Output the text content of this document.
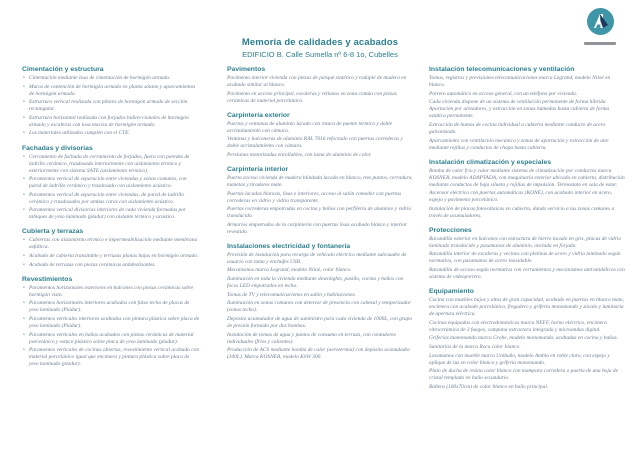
Memoria de calidades y acabados
EDIFICIO B. Calle Sumella nº 6-8 1o, Cubelles
Cimentación y estructura
• Cimentación mediante losa de cimentación de hormigón armado.
• Muros de contención de hormigón armado en planta sótano y aparcamientos de hormigón armado.
• Estructura vertical realizada con pilares de hormigón armado de sección rectangular.
• Estructura horizontal realizada con forjados bidireccionales de hormigón armado y escaleras con losa maciza de hormigón armado.
• Los materiales utilizados cumplen con el CTE.
Fachadas y divisorias
• Cerramiento de fachada de cerramiento de forjados, fuera con paredes de ladrillo cerámico, trasdosado interiormente con aislamiento térmico y exteriormente con sistema SATE (aislamiento térmico).
• Paramentos vertical de separación entre viviendas y zonas comunes, con pared de ladrillo cerámico y trasdosado con aislamiento acústico.
• Paramentos vertical de separación entre viviendas, de pared de ladrillo cerámico y trasdosados por ambas caras con aislamiento acústico.
• Paramentos vertical divisorias interiores de cada vivienda formadas por tabiques de yeso laminado (pladur) con aislante térmico y acústico.
Cubierta y terrazas
• Cubiertas con aislamiento térmico e impermeabilización mediante membrana asfáltica.
• Acabado de cubierta transitable y terrazas planas bajas en hormigón armado.
• Acabado de terrazas con piezas cerámicas antideslizantes.
Revestimientos
• Paramentos horizontales exteriores en balcones con piezas cerámicas sobre hormigón visto.
• Paramentos horizontales interiores acabados con falso techo de placas de yeso laminado (Pladur).
• Paramentos verticales interiores acabados con pintura plástica sobre placa de yeso laminado (Pladur).
• Paramentos verticales en baños acabados con piezas cerámicas de material porcelánico y estuco plástico sobre placa de yeso laminado (pladur).
• Paramentos verticales de cocinas abiertas, revestimiento vertical acabado con material porcelánico igual que encimera y pintura plástica sobre placa de yeso laminado (pladur).
Pavimentos
Pavimento interior vivienda con piezas de parqué sintético y rodapié de madera en acabado similar al blanco.
Pavimento en acceso principal, escaleras y rellanos en zona común con piezas cerámicas de material porcelánico.
Carpintería exterior
Puertas y ventanas de aluminio lacado con rotura de puente térmico y doble acristalamiento con cámara.
Ventanas y balconeras de aluminio RAL 7016 reforzado con puertas correderas y doble acristalamiento con cámara.
Persianas motorizadas enrollables, con lama de aluminio de color.
Carpintería interior
Puerta acceso vivienda de madera blindada lacada en blanco, tres puntos, cerradura, manetas y tiradores mate.
Puertas lacadas blancas, lisas e interiores, acceso al salón comedor con puertas correderas en vidrio y vidrio transparente.
Puertas correderas empotradas en cocina y baños con perfilería de aluminio y vidrio translúcido.
Armarios empotrados de la carpintería con puertas lisas acabado blanco y interior revestido.
Instalaciones electricidad y fontanería
Previsión de instalación para recarga de vehículo eléctrico mediante subcuadro de usuario con toma y enchufes USB.
Mecanismos marca Legrand, modelo Niloé, color blanco.
Iluminación en toda la vivienda mediante downlights, pasillo, cocina y baños con focos LED empotrados en techo.
Tomas de TV y telecomunicaciones en salón y habitaciones.
Iluminación en zonas comunes con detector de presencia con cabezal y temporizador (zonas techo).
Depósito acumulador de agua de suministro para cada vivienda de 1000L, con grupo de presión formado por dos bombas.
Instalación de tomas de agua y puntos de consumo en terraza, con contadores individuales (fríos y calientes).
Producción de ACS mediante bomba de calor (aerotermia) con depósito acumulador (300L). Marca KOSNER, modelo KSW 300.
Instalación telecomunicaciones y ventilación
Tomas, registros y previsiones telecomunicaciones marca Legrand, modelo Niloé en blanco.
Portero automático en acceso general, con un teléfono por vivienda.
Cada vivienda dispone de un sistema de ventilación permanente de forma híbrida. Aportación por aireadores, y extracción en zonas húmedas hasta cubierta de forma estática permanente.
Extracción de humos de cocina individual a cubierta mediante conducto de acero galvanizado.
Aparcamiento con ventilación mecánica y zonas de aportación y extracción de aire mediante rejillas y conductos de chapa hasta cubierta.
Instalación climatización y especiales
Bomba de calor frío y calor mediante sistema de climatización por conductos marca KOSNER, modelo ADAPTADA, con maquinaria exterior ubicada en cubierta, distribución mediante conductos de baja silueta y rejillas de impulsión. Termostato en sala de estar.
Ascensor eléctrico con puertas automáticas (KONE), con acabado interior en acero, espejo y pavimento porcelánico.
Instalación de placas fotovoltaicas en cubierta, dando servicio a las zonas comunes a través de acumuladores.
Protecciones
Barandilla exterior en balcones con estructura de hierro lacado en gris, placas de vidrio laminado translúcido y pasamanos de aluminio, anclada en forjado.
Barandilla interior de escaleras y vecinos con pletinas de acero y vidrio laminado según normativa, con pasamanos de acero inoxidable.
Barandilla de acceso según normativa con cerramientos y mecanismos antivandálicos con sistema de videoportero.
Equipamiento
Cocina con muebles bajos y altos de gran capacidad, acabado en puertas en blanco mate, encimera con acabado porcelánico, fregadero y grifería monomando y zócalo y luminaria de apertura eléctrica.
Cocinas equipadas con electrodomésticos marca NEFF, horno eléctrico, encimera vitrocerámica de 3 fuegos, campana extractora integrada y microondas digital.
Griferías monomando marca Grohe, modelo monomando, acabadas en cocina y baños.
Sanitarios de la marca Roca color blanco.
Lavamanos con mueble marca Unibaño, modelo Ambla en roble claro, con espejo y aplique de luz en color blanco y grifería monomando.
Plato de ducha de resina color blanco con mampara corredera o puerta de una hoja de cristal templado en baño secundario.
Bañera (160x70cm) de color blanco en baño principal.
